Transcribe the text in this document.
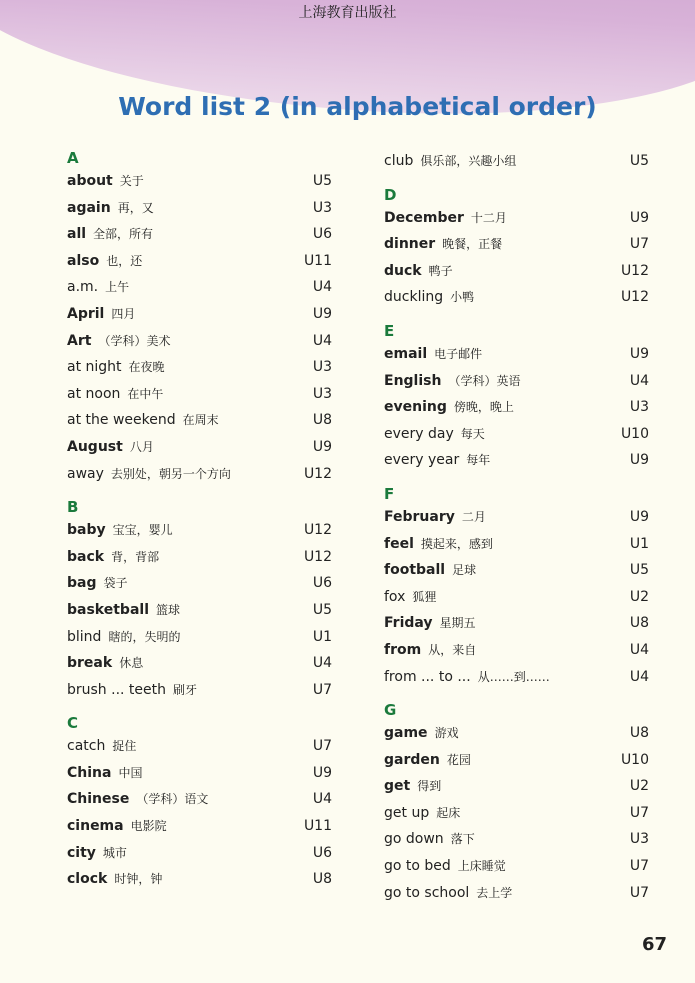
上海教育出版社
Word list 2 (in alphabetical order)
A
about 关于	U5
again 再，又	U3
all 全部，所有	U6
also 也，还	U11
a.m. 上午	U4
April 四月	U9
Art （学科）美术	U4
at night 在夜晚	U3
at noon 在中午	U3
at the weekend 在周末	U8
August 八月	U9
away 去别处，朝另一个方向	U12
B
baby 宝宝，婴儿	U12
back 背，背部	U12
bag 袋子	U6
basketball 篮球	U5
blind 瞎的，失明的	U1
break 休息	U4
brush ... teeth 刷牙	U7
C
catch 捉住	U7
China 中国	U9
Chinese （学科）语文	U4
cinema 电影院	U11
city 城市	U6
clock 时钟，钟	U8
club 俱乐部，兴趣小组	U5
D
December 十二月	U9
dinner 晚餐，正餐	U7
duck 鸭子	U12
duckling 小鸭	U12
E
email 电子邮件	U9
English （学科）英语	U4
evening 傍晚，晚上	U3
every day 每天	U10
every year 每年	U9
F
February 二月	U9
feel 摸起来，感到	U1
football 足球	U5
fox 狐狸	U2
Friday 星期五	U8
from 从，来自	U4
from ... to ... 从……到……	U4
G
game 游戏	U8
garden 花园	U10
get 得到	U2
get up 起床	U7
go down 落下	U3
go to bed 上床睡觉	U7
go to school 去上学	U7
67
